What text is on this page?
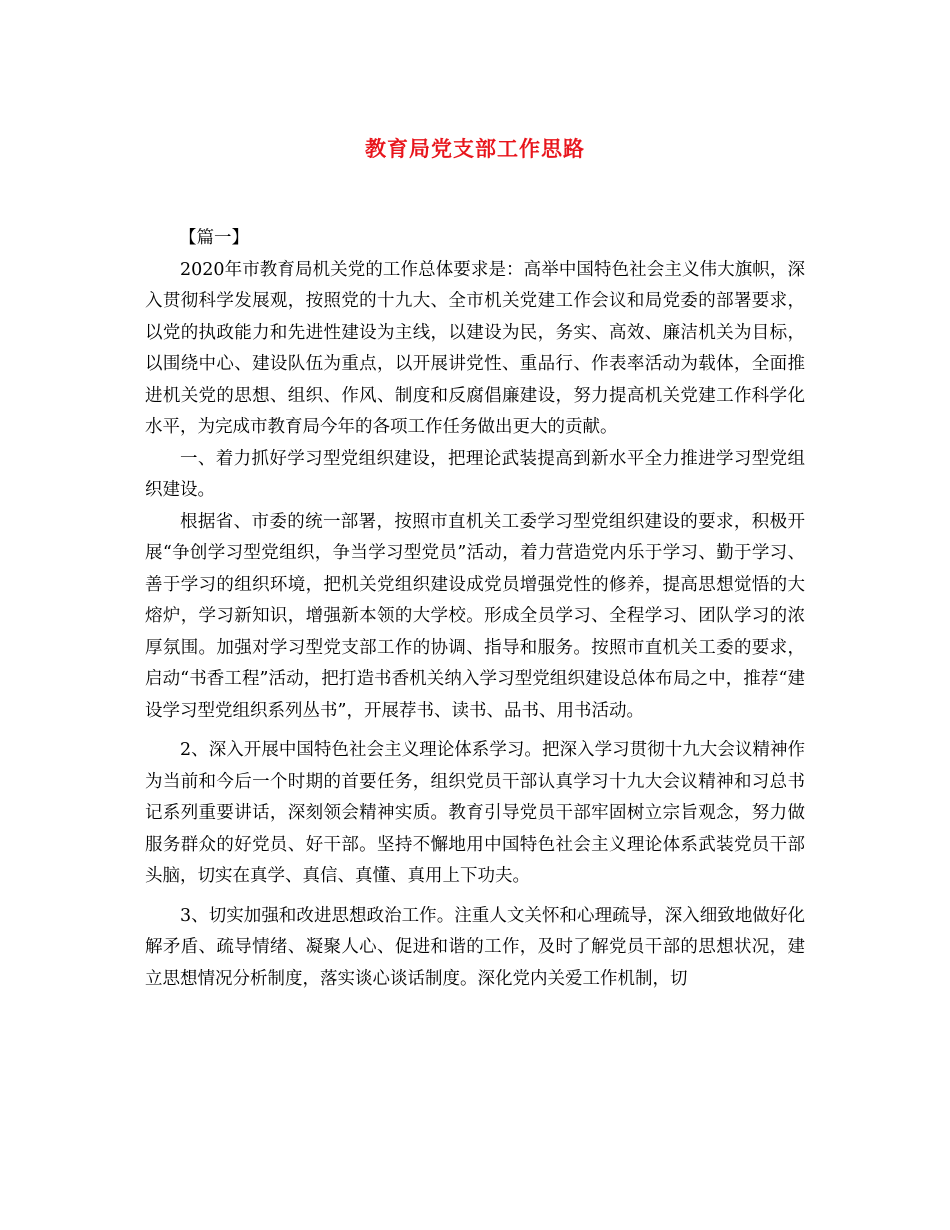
教育局党支部工作思路
【篇一】

2020年市教育局机关党的工作总体要求是：高举中国特色社会主义伟大旗帜，深入贯彻科学发展观，按照党的十九大、全市机关党建工作会议和局党委的部署要求，以党的执政能力和先进性建设为主线，以建设为民，务实、高效、廉洁机关为目标，以围绕中心、建设队伍为重点，以开展讲党性、重品行、作表率活动为载体，全面推进机关党的思想、组织、作风、制度和反腐倡廉建设，努力提高机关党建工作科学化水平，为完成市教育局今年的各项工作任务做出更大的贡献。

一、着力抓好学习型党组织建设，把理论武装提高到新水平全力推进学习型党组织建设。

根据省、市委的统一部署，按照市直机关工委学习型党组织建设的要求，积极开展“争创学习型党组织，争当学习型党员”活动，着力营造党内乐于学习、勤于学习、善于学习的组织环境，把机关党组织建设成党员增强党性的修养，提高思想觉悟的大熔炉，学习新知识，增强新本领的大学校。形成全员学习、全程学习、团队学习的浓厚氛围。加强对学习型党支部工作的协调、指导和服务。按照市直机关工委的要求，启动“书香工程”活动，把打造书香机关纳入学习型党组织建设总体布局之中，推荐“建设学习型党组织系列丛书”，开展荐书、读书、品书、用书活动。

2、深入开展中国特色社会主义理论体系学习。把深入学习贯彻十九大会议精神作为当前和今后一个时期的首要任务，组织党员干部认真学习十九大会议精神和习总书记系列重要讲话，深刻领会精神实质。教育引导党员干部牢固树立宗旨观念，努力做服务群众的好党员、好干部。坚持不懈地用中国特色社会主义理论体系武装党员干部头脑，切实在真学、真信、真懂、真用上下功夫。

3、切实加强和改进思想政治工作。注重人文关怀和心理疏导，深入细致地做好化解矛盾、疏导情绪、凝聚人心、促进和谐的工作，及时了解党员干部的思想状况，建立思想情况分析制度，落实谈心谈话制度。深化党内关爱工作机制，切
